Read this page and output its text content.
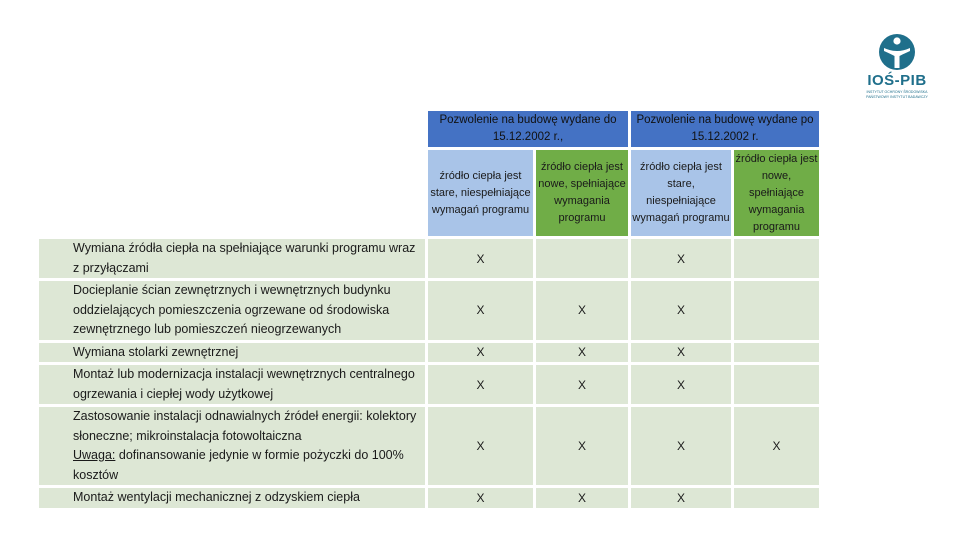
IOŚ-PIB
INSTYTUT OCHRONY ŚRODOWISKA PAŃSTWOWY INSTYTUT BADAWCZY
	Pozwolenie na budowę wydane do 15.12.2002 r.,		Pozwolenie na budowę wydane po 15.12.2002 r.	
	źródło ciepła jest stare, niespełniające wymagań programu	źródło ciepła jest nowe, spełniające wymagania programu	źródło ciepła jest stare, niespełniające wymagań programu	źródło ciepła jest nowe, spełniające wymagania programu
Wymiana źródła ciepła na spełniające warunki programu wraz z przyłączami	X		X	
Docieplanie ścian zewnętrznych i wewnętrznych budynku oddzielających pomieszczenia ogrzewane od środowiska zewnętrznego lub pomieszczeń nieogrzewanych	X	X	X	
Wymiana stolarki zewnętrznej	X	X	X	
Montaż lub modernizacja instalacji wewnętrznych centralnego ogrzewania i ciepłej wody użytkowej	X	X	X	
Zastosowanie instalacji odnawialnych źródeł energii: kolektory słoneczne; mikroinstalacja fotowoltaiczna
Uwaga: dofinansowanie jedynie w formie pożyczki do 100% kosztów	X	X	X	X
Montaż wentylacji mechanicznej z odzyskiem ciepła	X	X	X	
